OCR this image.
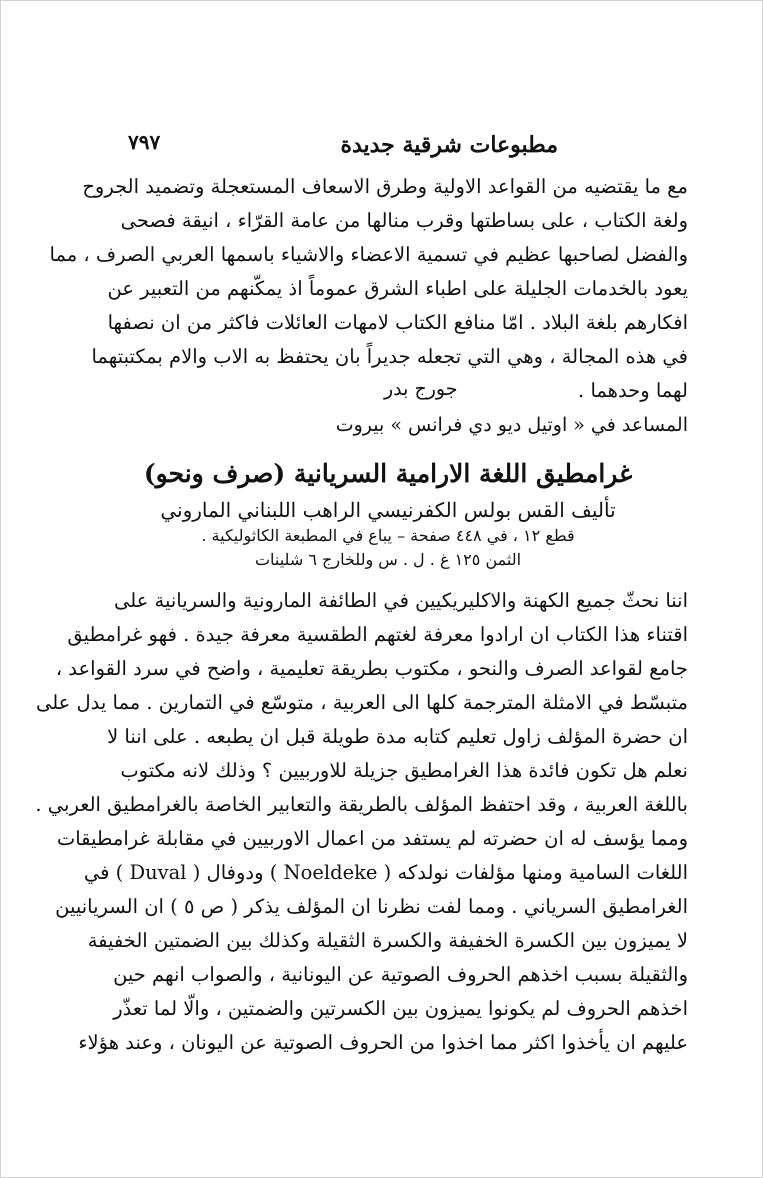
مطبوعات شرقية جديدة
٧٩٧
مع ما يقتضيه من القواعد الاولية وطرق الاسعاف المستعجلة وتضميد الجروح
ولغة الكتاب ، على بساطتها وقرب منالها من عامة القرّاء ، انيقة فصحى
والفضل لصاحبها عظيم في تسمية الاعضاء والاشياء باسمها العربي الصرف ، مما
يعود بالخدمات الجليلة على اطباء الشرق عموماً اذ يمكّنهم من التعبير عن
افكارهم بلغة البلاد . امّا منافع الكتاب لامهات العائلات فاكثر من ان نصفها
في هذه المجالة ، وهي التي تجعله جديراً بان يحتفظ به الاب والام بمكتبتهما
لهما وحدهما .
جورج بدر
المساعد في « اوتيل ديو دي فرانس » بيروت
غرامطيق اللغة الارامية السريانية (صرف ونحو)
تأليف القس بولس الكفرنيسي الراهب اللبناني الماروني
قطع ١٢ ، في ٤٤٨ صفحة – يباع في المطبعة الكاثوليكية .
الثمن ١٢٥ غ . ل . س وللخارج ٦ شلينات
اننا نحثّ جميع الكهنة والاكليريكيين في الطائفة المارونية والسريانية على
اقتناء هذا الكتاب ان ارادوا معرفة لغتهم الطقسية معرفة جيدة . فهو غرامطيق
جامع لقواعد الصرف والنحو ، مكتوب بطريقة تعليمية ، واضح في سرد القواعد ،
متبسّط في الامثلة المترجمة كلها الى العربية ، متوسّع في التمارين . مما يدل على
ان حضرة المؤلف زاول تعليم كتابه مدة طويلة قبل ان يطبعه . على اننا لا
نعلم هل تكون فائدة هذا الغرامطيق جزيلة للاوربيين ؟ وذلك لانه مكتوب
باللغة العربية ، وقد احتفظ المؤلف بالطريقة والتعابير الخاصة بالغرامطيق العربي .
ومما يؤسف له ان حضرته لم يستفد من اعمال الاوربيين في مقابلة غرامطيقات
اللغات السامية ومنها مؤلفات نولدكه ( Noeldeke ) ودوفال ( Duval ) في
الغرامطيق السرياني . ومما لفت نظرنا ان المؤلف يذكر ( ص ٥ ) ان السريانيين
لا يميزون بين الكسرة الخفيفة والكسرة الثقيلة وكذلك بين الضمتين الخفيفة
والثقيلة بسبب اخذهم الحروف الصوتية عن اليونانية ، والصواب انهم حين
اخذهم الحروف لم يكونوا يميزون بين الكسرتين والضمتين ، والّا لما تعذّر
عليهم ان يأخذوا اكثر مما اخذوا من الحروف الصوتية عن اليونان ، وعند هؤلاء
